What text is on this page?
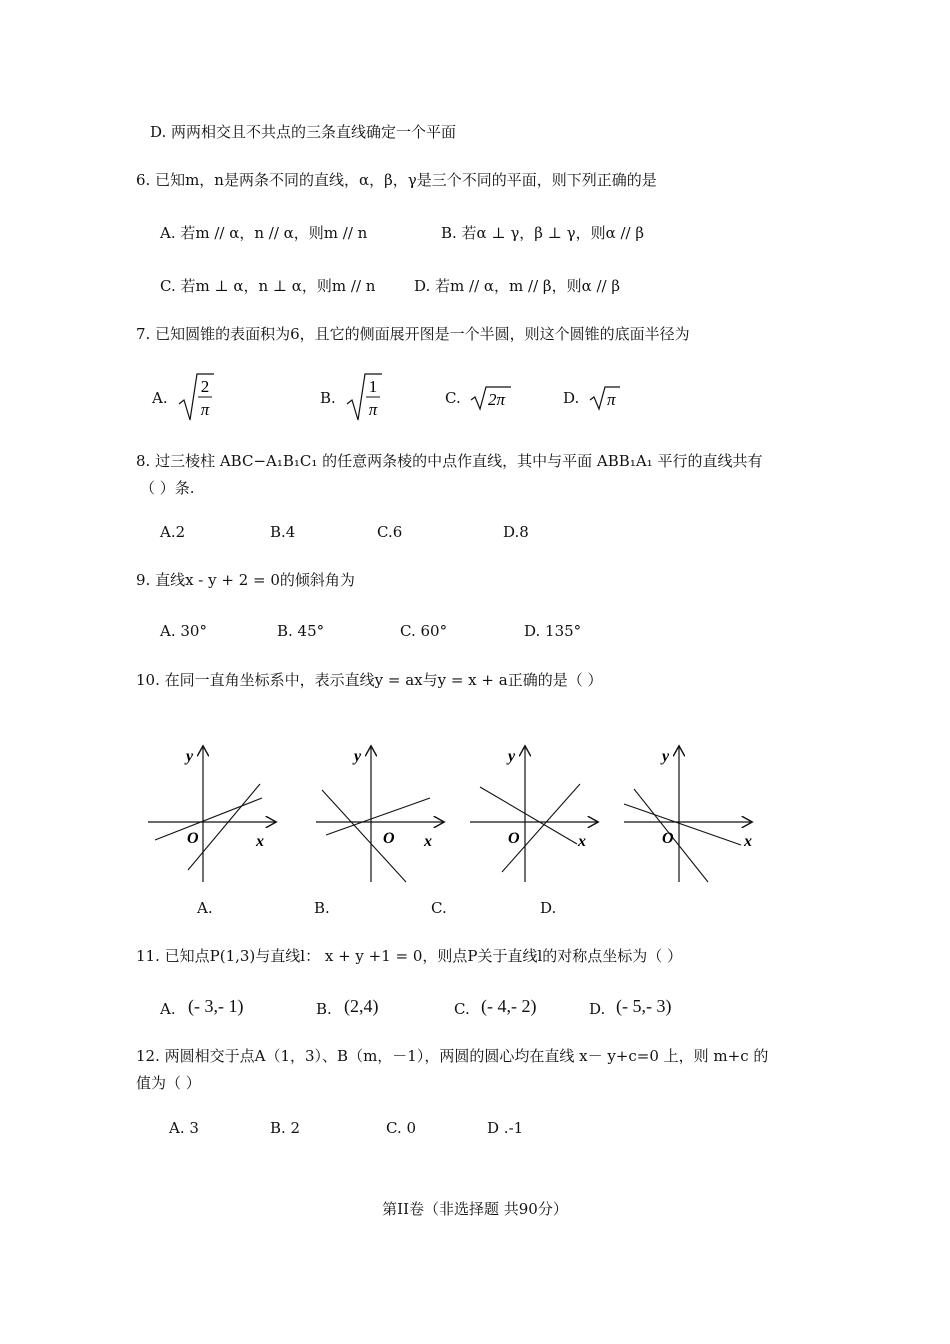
D. 两两相交且不共点的三条直线确定一个平面
6. 已知m，n是两条不同的直线，α，β，γ是三个不同的平面，则下列正确的是
A. 若m // α，n // α，则m // n	B. 若α ⊥ γ，β ⊥ γ，则α // β
C. 若m ⊥ α，n ⊥ α，则m // n	D. 若m // α，m // β，则α // β
7. 已知圆锥的表面积为6，且它的侧面展开图是一个半圆，则这个圆锥的底面半径为
A.
2
π
B.
1
π
C. 2π	D. π
8. 过三棱柱 ABC−A₁B₁C₁ 的任意两条棱的中点作直线，其中与平面 ABB₁A₁ 平行的直线共有
（ ）条.
A.2	B.4	C.6	D.8
9. 直线x - y + 2 = 0的倾斜角为
A. 30°	B. 45°	C. 60°	D. 135°
10. 在同一直角坐标系中，表示直线y = ax与y = x + a正确的是（ ）
y
O	x
y
O x
y
O	x
y
O	x
A.	B.	C.	D.
11. 已知点P(1,3)与直线l： x + y +1 = 0，则点P关于直线l的对称点坐标为（ ）
A. (- 3,- 1)	B. (2,4)	C. (- 4,- 2)	D. (- 5,- 3)
12. 两圆相交于点A（1，3）、B（m，－1），两圆的圆心均在直线 x－ y+c=0 上，则 m+c 的
值为（ ）
A. 3	B. 2	C. 0	D .-1
第II卷（非选择题 共90分）
